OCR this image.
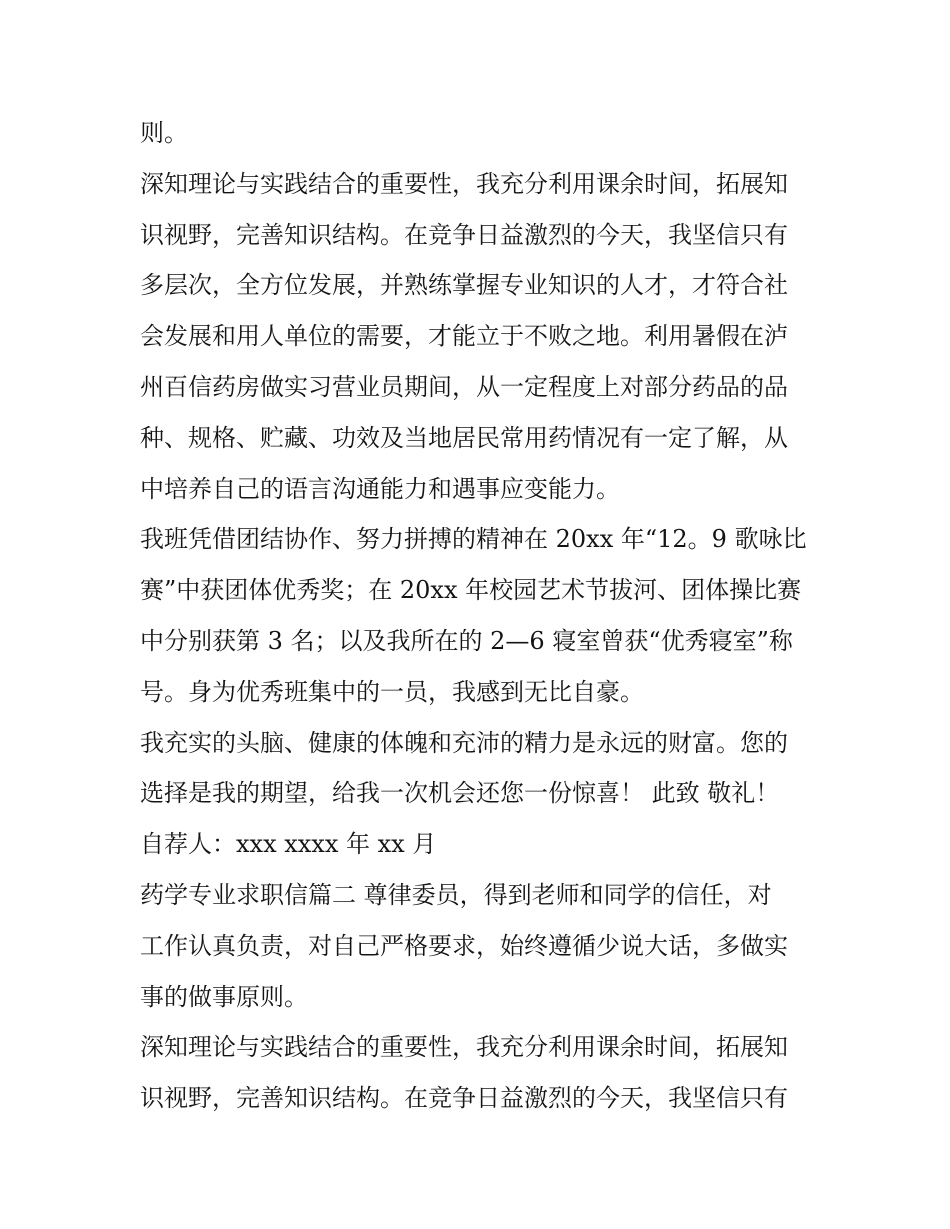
则。
深知理论与实践结合的重要性，我充分利用课余时间，拓展知
识视野，完善知识结构。在竞争日益激烈的今天，我坚信只有
多层次，全方位发展，并熟练掌握专业知识的人才，才符合社
会发展和用人单位的需要，才能立于不败之地。利用暑假在泸
州百信药房做实习营业员期间，从一定程度上对部分药品的品
种、规格、贮藏、功效及当地居民常用药情况有一定了解，从
中培养自己的语言沟通能力和遇事应变能力。
我班凭借团结协作、努力拼搏的精神在 20xx 年“12。9 歌咏比
赛”中获团体优秀奖；在 20xx 年校园艺术节拔河、团体操比赛
中分别获第 3 名；以及我所在的 2—6 寝室曾获“优秀寝室”称
号。身为优秀班集中的一员，我感到无比自豪。
我充实的头脑、健康的体魄和充沛的精力是永远的财富。您的
选择是我的期望，给我一次机会还您一份惊喜！ 此致 敬礼！
自荐人：xxx xxxx 年 xx 月
药学专业求职信篇二 尊律委员，得到老师和同学的信任，对
工作认真负责，对自己严格要求，始终遵循少说大话，多做实
事的做事原则。
深知理论与实践结合的重要性，我充分利用课余时间，拓展知
识视野，完善知识结构。在竞争日益激烈的今天，我坚信只有
